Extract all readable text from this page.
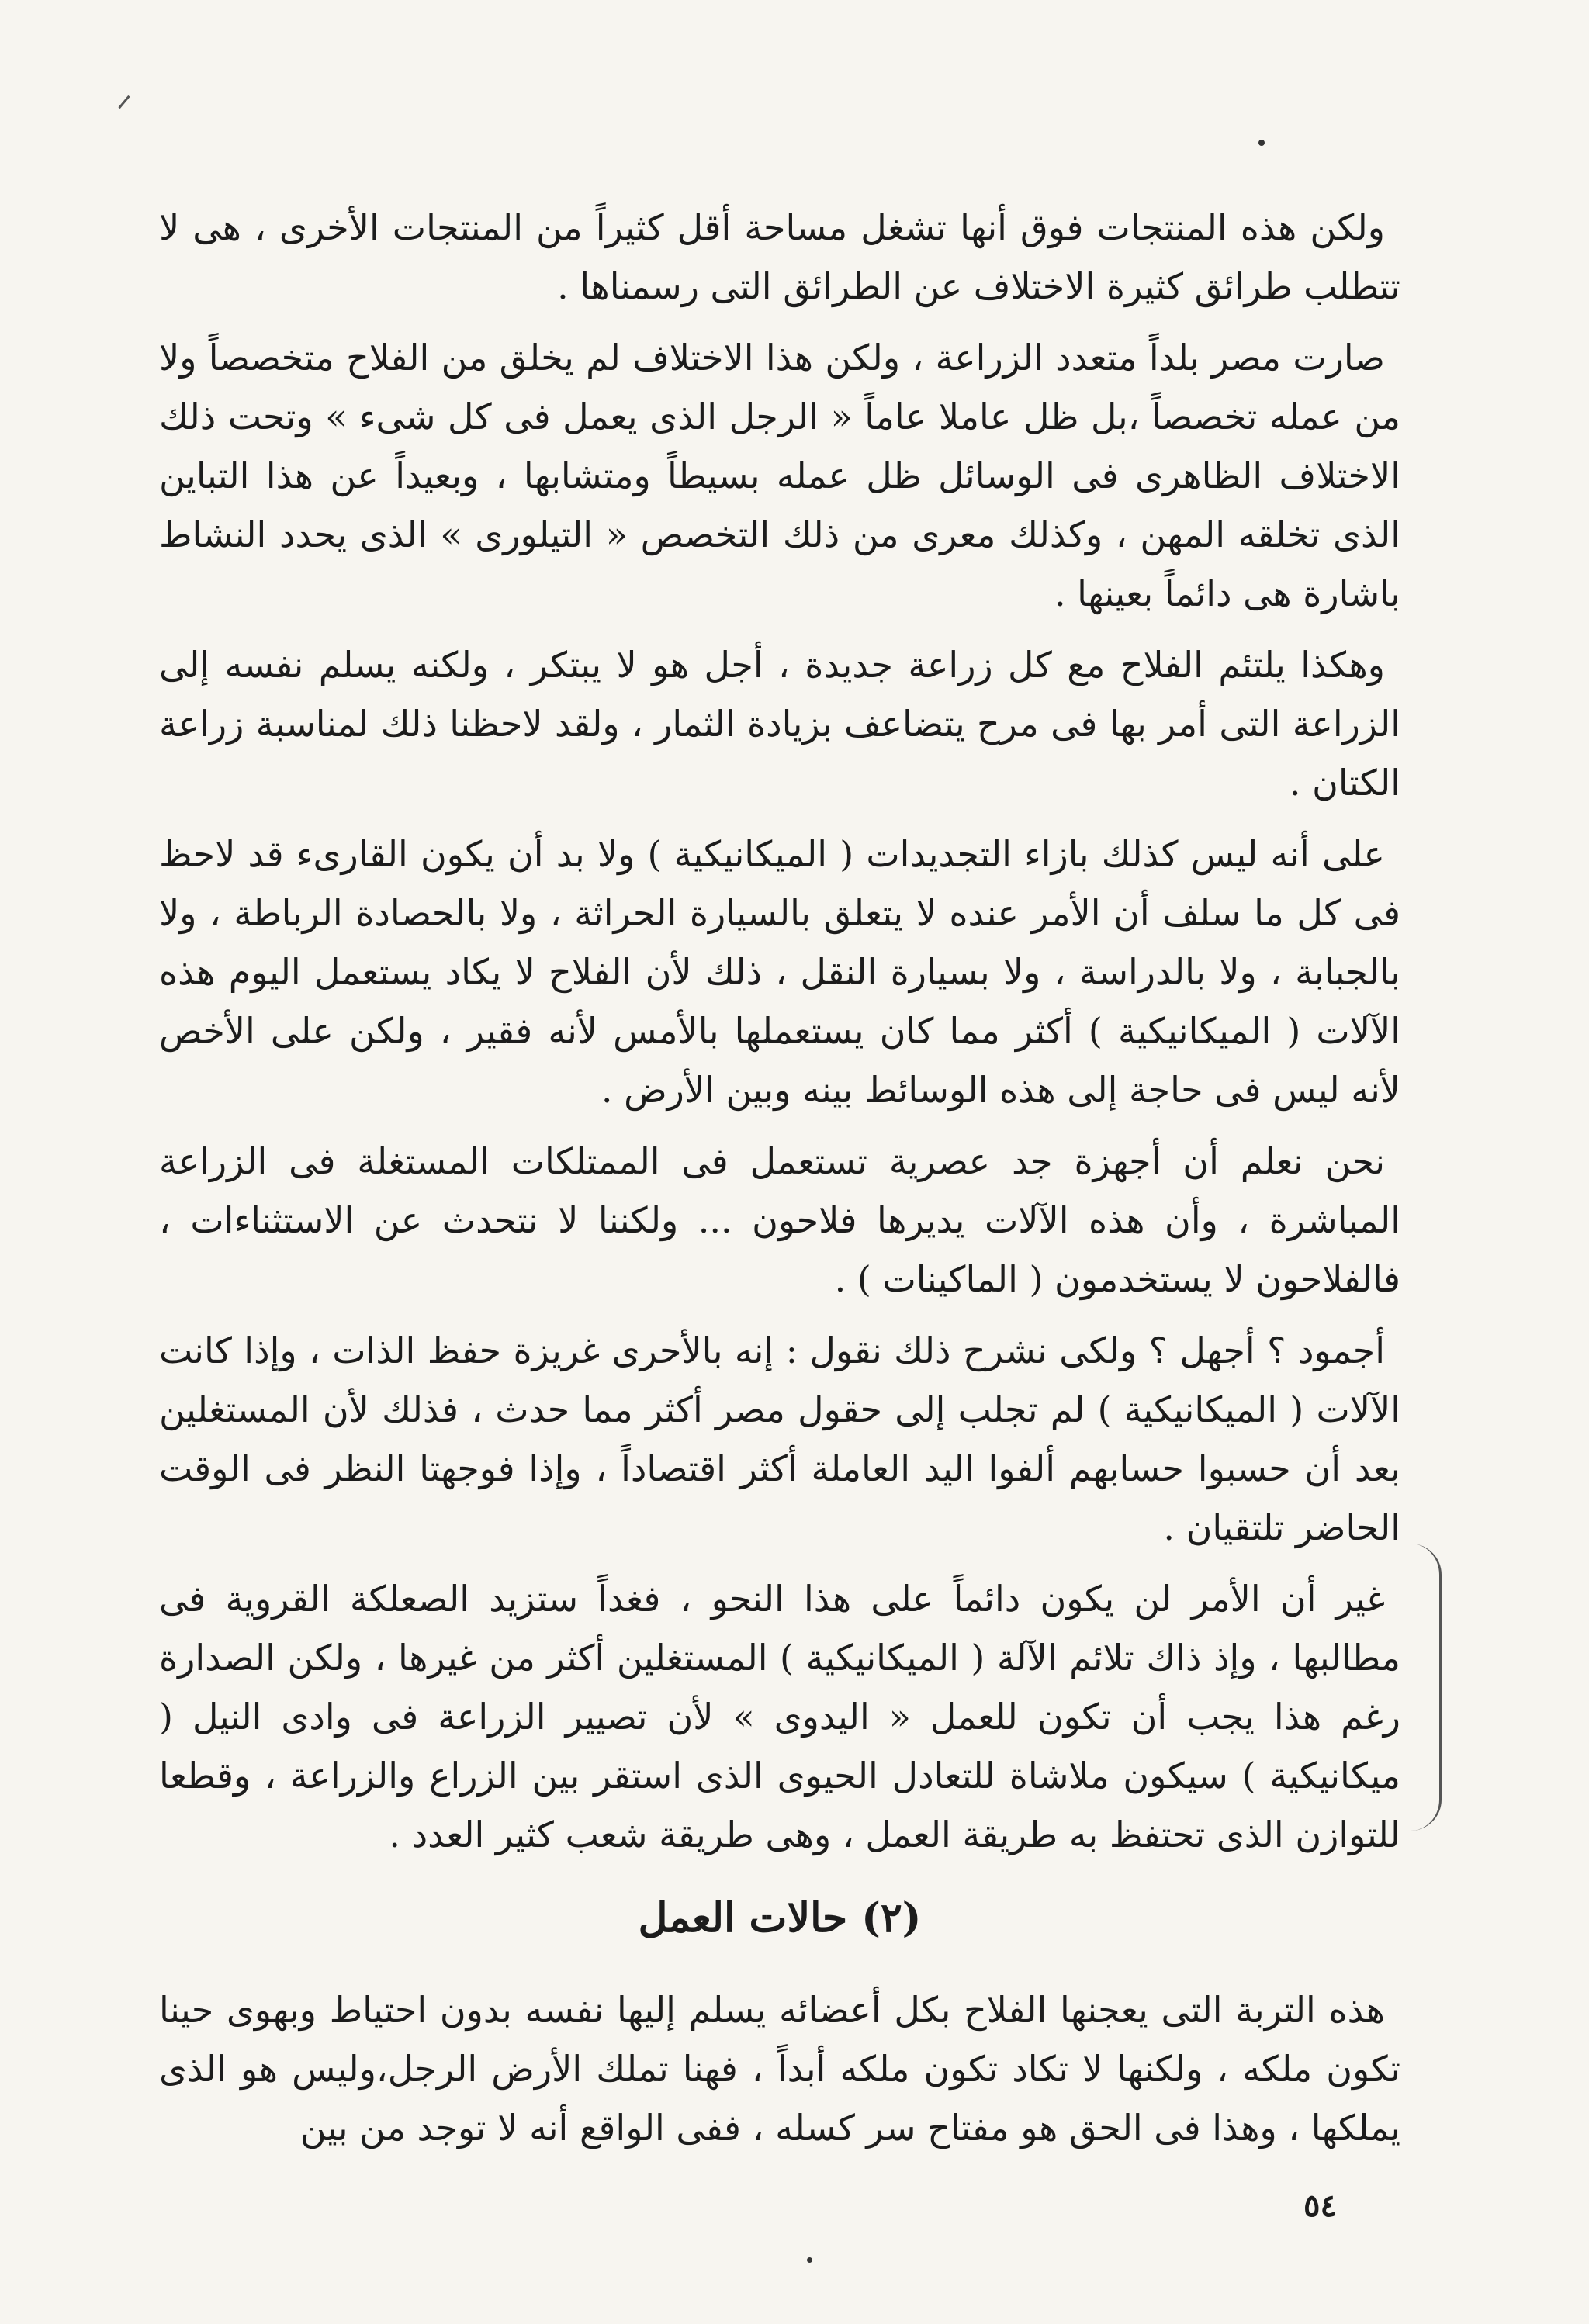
ولكن هذه المنتجات فوق أنها تشغل مساحة أقل كثيراً من المنتجات الأخرى ، هى لا تتطلب طرائق كثيرة الاختلاف عن الطرائق التى رسمناها .

صارت مصر بلداً متعدد الزراعة ، ولكن هذا الاختلاف لم يخلق من الفلاح متخصصاً ولا من عمله تخصصاً ،بل ظل عاملا عاماً « الرجل الذى يعمل فى كل شىء » وتحت ذلك الاختلاف الظاهرى فى الوسائل ظل عمله بسيطاً ومتشابها ، وبعيداً عن هذا التباين الذى تخلقه المهن ، وكذلك معرى من ذلك التخصص « التيلورى » الذى يحدد النشاط باشارة هى دائماً بعينها .

وهكذا يلتئم الفلاح مع كل زراعة جديدة ، أجل هو لا يبتكر ، ولكنه يسلم نفسه إلى الزراعة التى أمر بها فى مرح يتضاعف بزيادة الثمار ، ولقد لاحظنا ذلك لمناسبة زراعة الكتان .

على أنه ليس كذلك بازاء التجديدات ( الميكانيكية ) ولا بد أن يكون القارىء قد لاحظ فى كل ما سلف أن الأمر عنده لا يتعلق بالسيارة الحراثة ، ولا بالحصادة الرباطة ، ولا بالجبابة ، ولا بالدراسة ، ولا بسيارة النقل ، ذلك لأن الفلاح لا يكاد يستعمل اليوم هذه الآلات ( الميكانيكية ) أكثر مما كان يستعملها بالأمس لأنه فقير ، ولكن على الأخص لأنه ليس فى حاجة إلى هذه الوسائط بينه وبين الأرض .

نحن نعلم أن أجهزة جد عصرية تستعمل فى الممتلكات المستغلة فى الزراعة المباشرة ، وأن هذه الآلات يديرها فلاحون ... ولكننا لا نتحدث عن الاستثناءات ، فالفلاحون لا يستخدمون ( الماكينات ) .

أجمود ؟ أجهل ؟ ولكى نشرح ذلك نقول : إنه بالأحرى غريزة حفظ الذات ، وإذا كانت الآلات ( الميكانيكية ) لم تجلب إلى حقول مصر أكثر مما حدث ، فذلك لأن المستغلين بعد أن حسبوا حسابهم ألفوا اليد العاملة أكثر اقتصاداً ، وإذا فوجهتا النظر فى الوقت الحاضر تلتقيان .

غير أن الأمر لن يكون دائماً على هذا النحو ، فغداً ستزيد الصعلكة القروية فى مطالبها ، وإذ ذاك تلائم الآلة ( الميكانيكية ) المستغلين أكثر من غيرها ، ولكن الصدارة رغم هذا يجب أن تكون للعمل « اليدوى » لأن تصيير الزراعة فى وادى النيل ( ميكانيكية ) سيكون ملاشاة للتعادل الحيوى الذى استقر بين الزراع والزراعة ، وقطعا للتوازن الذى تحتفظ به طريقة العمل ، وهى طريقة شعب كثير العدد .

(٢) حالات العمل

هذه التربة التى يعجنها الفلاح بكل أعضائه يسلم إليها نفسه بدون احتياط وبهوى حينا تكون ملكه ، ولكنها لا تكاد تكون ملكه أبداً ، فهنا تملك الأرض الرجل،وليس هو الذى يملكها ، وهذا فى الحق هو مفتاح سر كسله ، ففى الواقع أنه لا توجد من بين

٥٤
